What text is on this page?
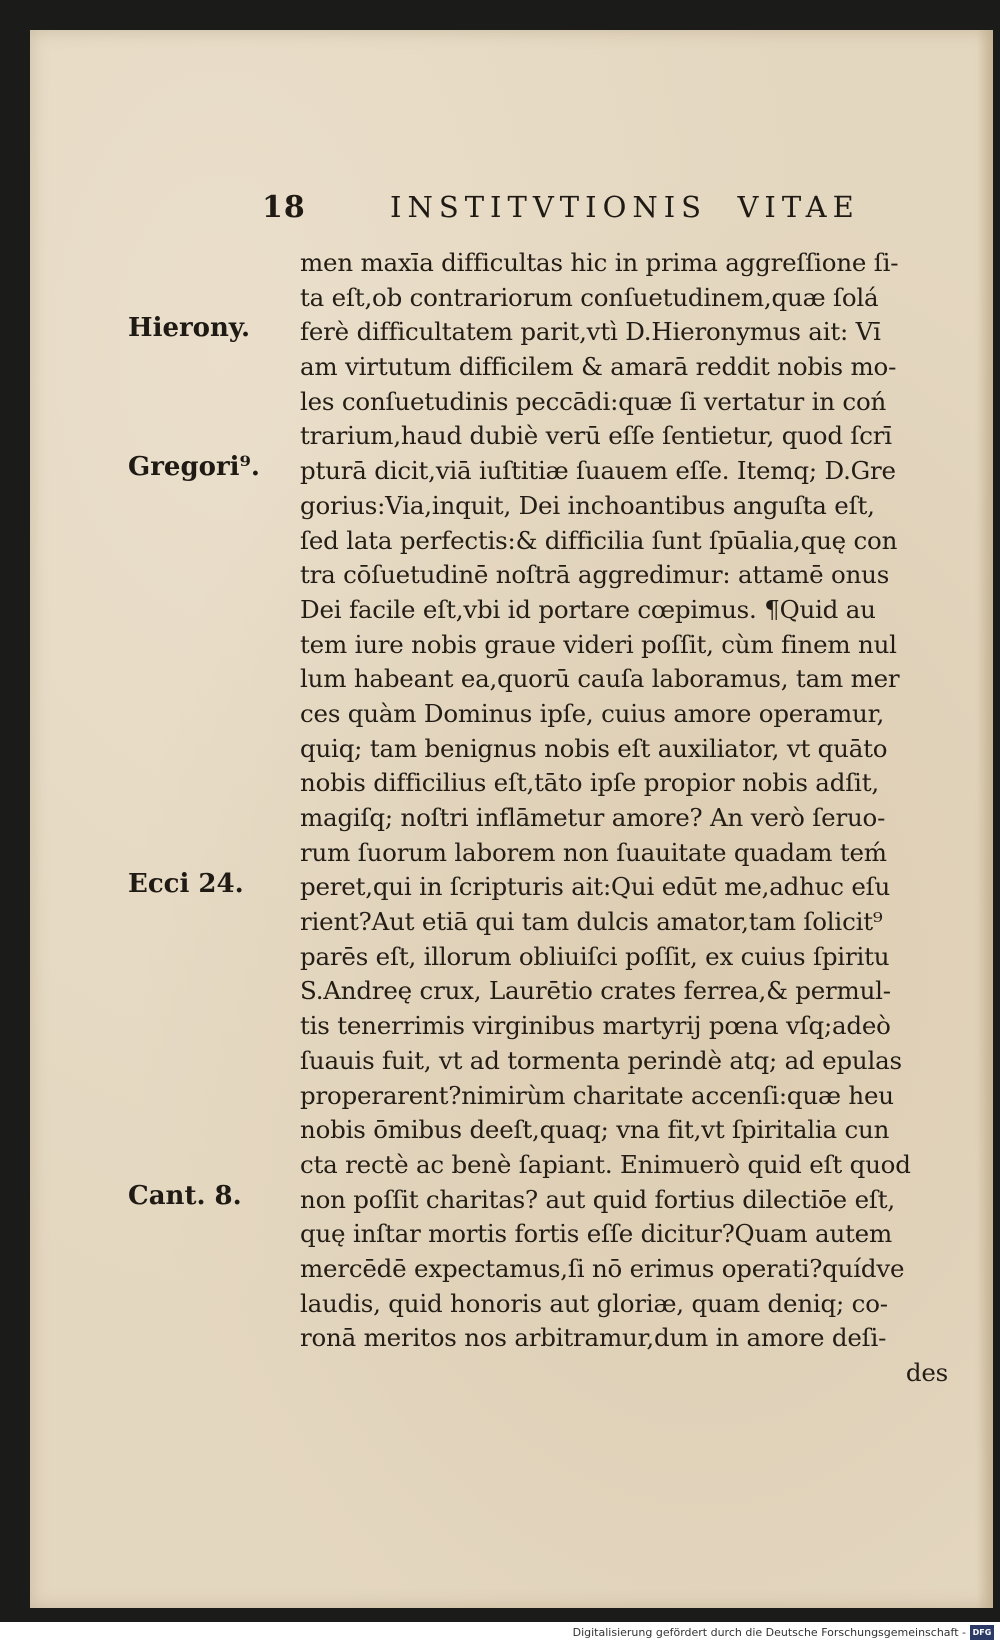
18	INSTITVTIONIS  VITAE
Hierony.
Gregori⁹.
Ecci 24.
Cant. 8.
men maxīa difficultas hic in prima aggreſſione ſi-
ta eſt,ob contrariorum conſuetudinem,quæ ſolá
ferè difficultatem parit,vtì D.Hieronymus ait: Vī
am virtutum difficilem & amarā reddit nobis mo-
les conſuetudinis peccādi:quæ ſi vertatur in coń
trarium,haud dubiè verū eſſe ſentietur, quod ſcrī
pturā dicit,viā iuſtitiæ ſuauem eſſe. Itemq; D.Gre
gorius:Via,inquit, Dei inchoantibus anguſta eſt,
ſed lata perfectis:& difficilia ſunt ſpūalia,quę con
tra cōſuetudinē noſtrā aggredimur: attamē onus
Dei facile eſt,vbi id portare cœpimus. ¶Quid au
tem iure nobis graue videri poſſit, cùm finem nul
lum habeant ea,quorū cauſa laboramus, tam mer
ces quàm Dominus ipſe, cuius amore operamur,
quiq; tam benignus nobis eſt auxiliator, vt quāto
nobis difficilius eſt,tāto ipſe propior nobis adſit,
magiſq; noſtri inflāmetur amore? An verò ſeruo-
rum ſuorum laborem non ſuauitate quadam teḿ
peret,qui in ſcripturis ait:Qui edūt me,adhuc eſu
rient?Aut etiā qui tam dulcis amator,tam ſolicit⁹
parēs eſt, illorum obliuiſci poſſit, ex cuius ſpiritu
S.Andreę crux, Laurētio crates ferrea,& permul-
tis tenerrimis virginibus martyrij pœna vſq;adeò
ſuauis fuit, vt ad tormenta perindè atq; ad epulas
properarent?nimirùm charitate accenſi:quæ heu
nobis ōmibus deeſt,quaq; vna fit,vt ſpiritalia cun
cta rectè ac benè ſapiant. Enimuerò quid eſt quod
non poſſit charitas? aut quid fortius dilectiōe eſt,
quę inſtar mortis fortis eſſe dicitur?Quam autem
mercēdē expectamus,ſi nō erimus operati?quídve
laudis, quid honoris aut gloriæ, quam deniq; co-
ronā meritos nos arbitramur,dum in amore deſi-
des
Digitalisierung gefördert durch die Deutsche Forschungsgemeinschaft - DFG
